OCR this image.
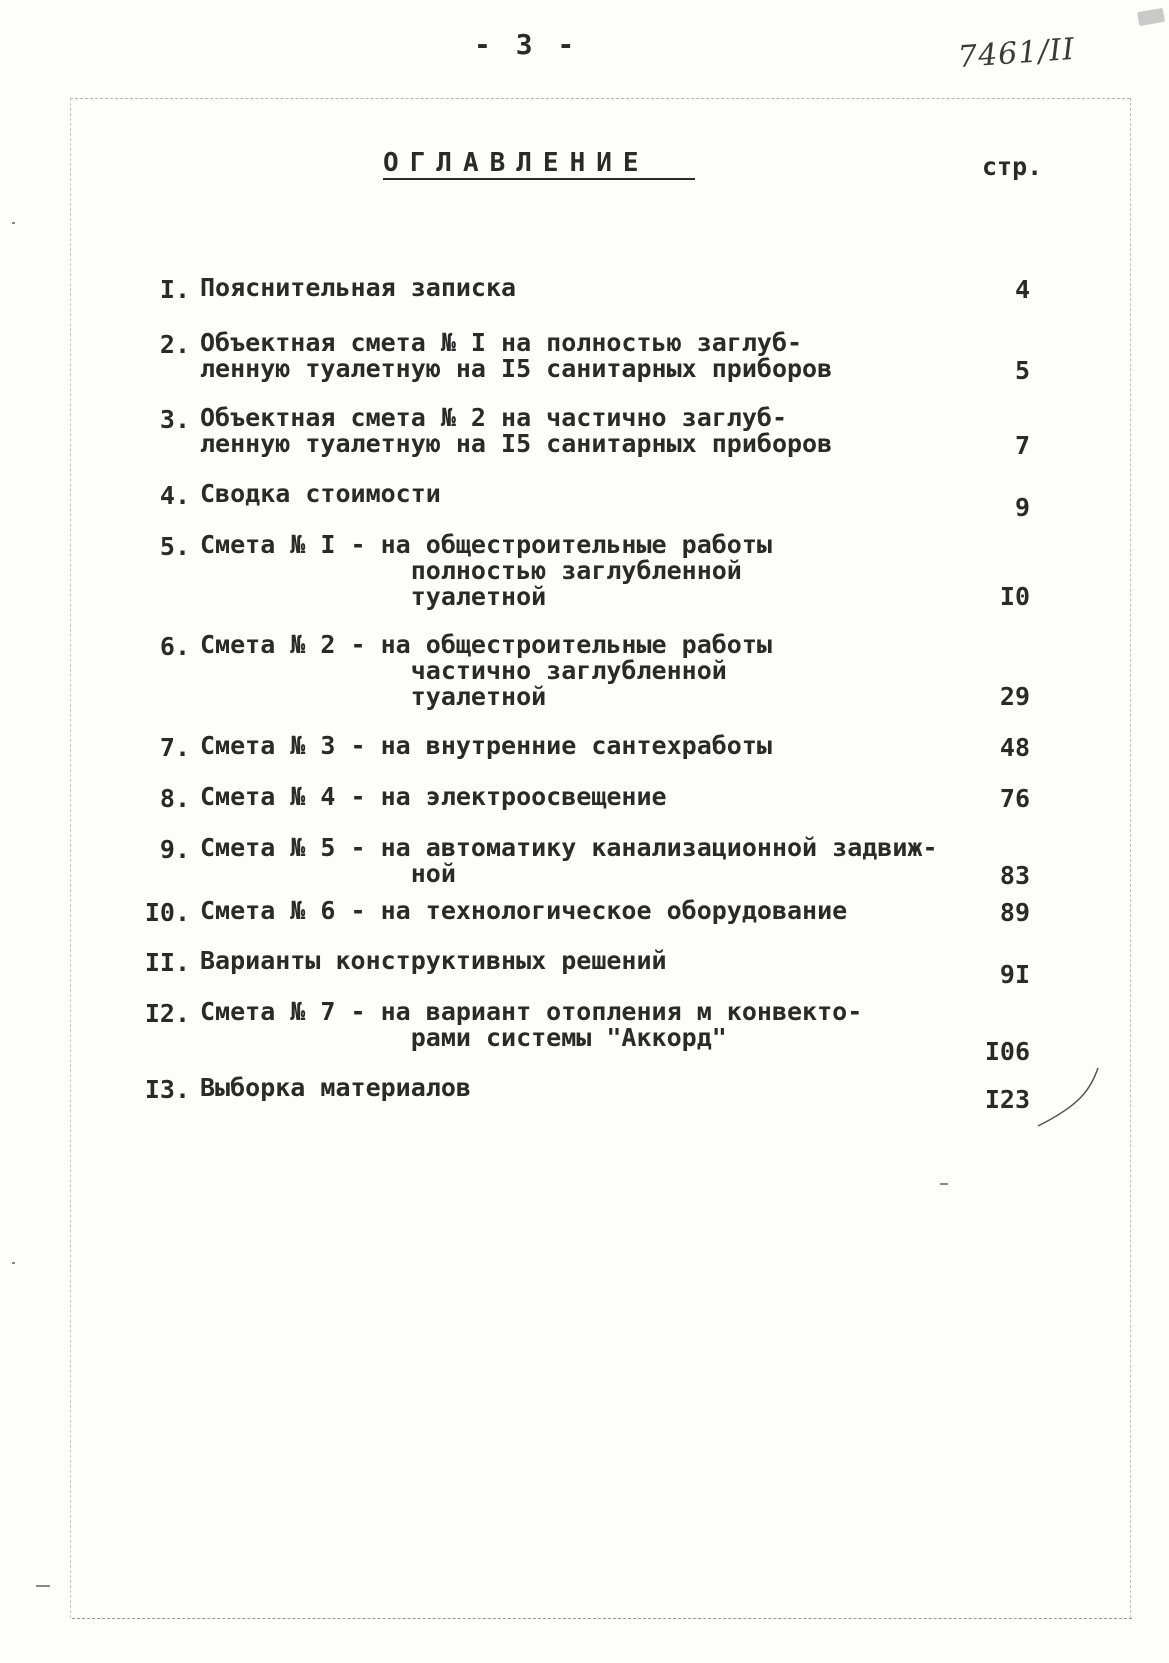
- 3 -	7461/II
ОГЛАВЛЕНИЕ	стр.
I. Пояснительная записка	4
2. Объектная смета № I на полностью заглуб-
ленную туалетную на I5 санитарных приборов	5
3. Объектная смета № 2 на частично заглуб-
ленную туалетную на I5 санитарных приборов	7
4. Сводка стоимости	9
5. Смета № I - на общестроительные работы
полностью заглубленной
туалетной	I0
6. Смета № 2 - на общестроительные работы
частично заглубленной
туалетной	29
7. Смета № 3 - на внутренние сантехработы	48
8. Смета № 4 - на электроосвещение	76
9. Смета № 5 - на автоматику канализационной задвиж-
ной	83
I0. Смета № 6 - на технологическое оборудование	89
II. Варианты конструктивных решений	9I
I2. Смета № 7 - на вариант отопления м конвекто-
рами системы "Аккорд"	I06
I3. Выборка материалов	I23
